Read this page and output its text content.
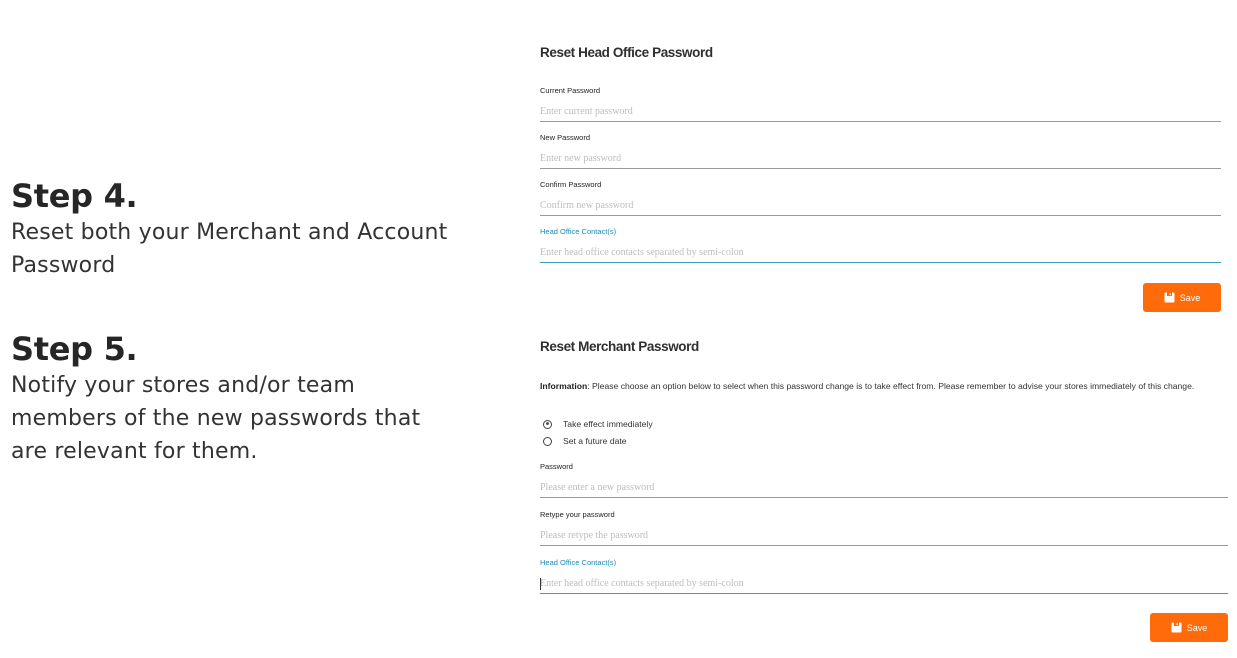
Step 4.

Reset both your Merchant and Account
Password

Step 5.

Notify your stores and/or team
members of the new passwords that
are relevant for them.

Reset Head Office Password
Current Password
Enter current password
New Password
Enter new password
Confirm Password
Confirm new password
Head Office Contact(s)
Enter head office contacts separated by semi-colon
Save
Reset Merchant Password
Information: Please choose an option below to select when this password change is to take effect from. Please remember to advise your stores immediately of this change.
Take effect immediately
Set a future date
Password
Please enter a new password
Retype your password
Please retype the password
Head Office Contact(s)
Enter head office contacts separated by semi-colon
Save
